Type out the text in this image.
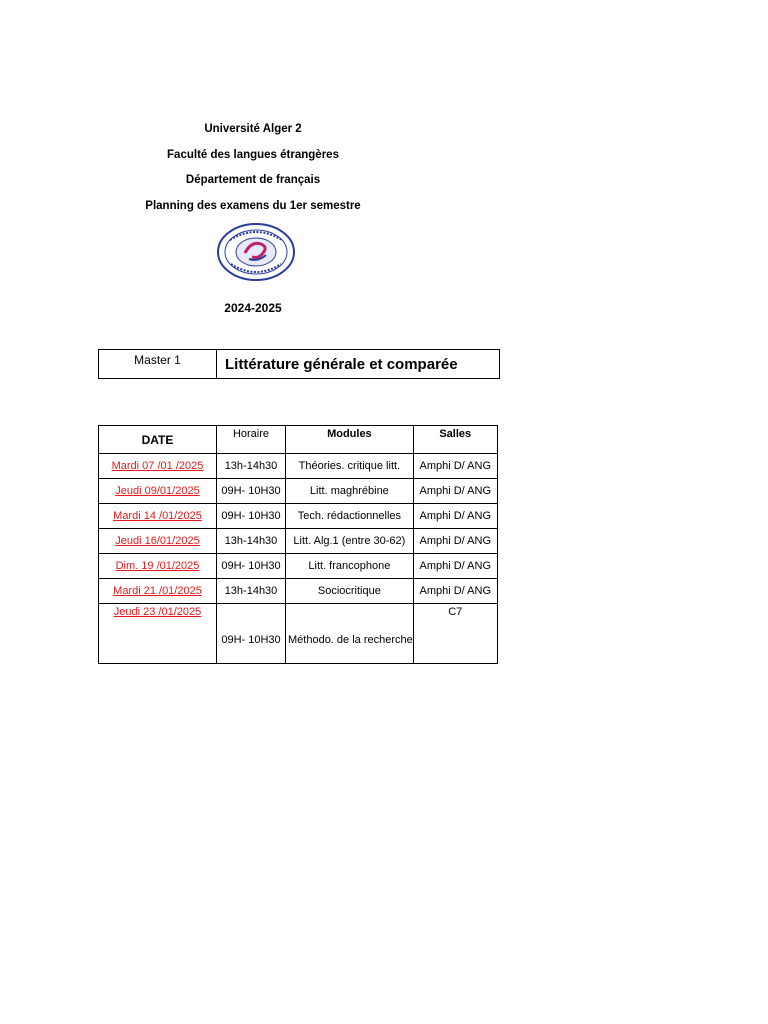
Université Alger 2
Faculté des langues étrangères
Département de français
Planning des examens du 1er semestre
2024-2025
Master 1	Littérature générale et comparée
DATE	Horaire	Modules	Salles
Mardi 07 /01 /2025	13h-14h30	Théories. critique litt.	Amphi D/ ANG
Jeudi 09/01/2025	09H- 10H30	Litt. maghrébine	Amphi D/ ANG
Mardi 14 /01/2025	09H- 10H30	Tech. rédactionnelles	Amphi D/ ANG
Jeudi 16/01/2025	13h-14h30	Litt. Alg.1 (entre 30-62)	Amphi D/ ANG
Dim. 19 /01/2025	09H- 10H30	Litt. francophone	Amphi D/ ANG
Mardi 21 /01/2025	13h-14h30	Sociocritique	Amphi D/ ANG
Jeudi 23 /01/2025	09H- 10H30	Méthodo. de la recherche	C7
